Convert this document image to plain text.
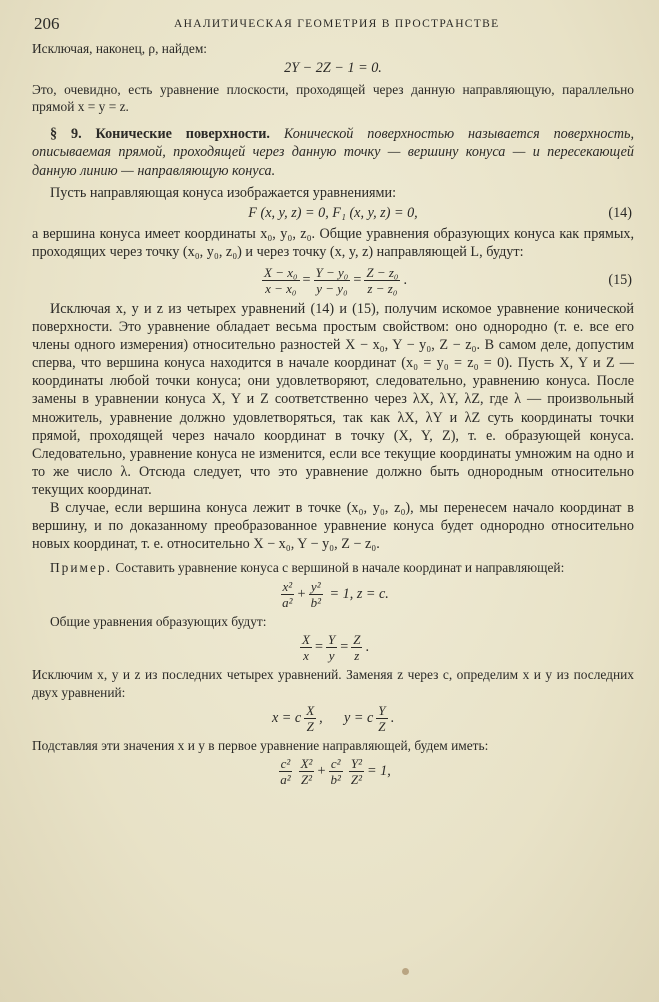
206	АНАЛИТИЧЕСКАЯ ГЕОМЕТРИЯ В ПРОСТРАНСТВЕ

Исключая, наконец, ρ, найдем:

2Y − 2Z − 1 = 0.

Это, очевидно, есть уравнение плоскости, проходящей через данную направляющую, параллельно прямой x = y = z.

§ 9. Конические поверхности. Конической поверхностью называется поверхность, описываемая прямой, проходящей через данную точку — вершину конуса — и пересекающей данную линию — направляющую конуса.

Пусть направляющая конуса изображается уравнениями:

F (x, y, z) = 0, F₁ (x, y, z) = 0,	(14)

а вершина конуса имеет координаты x₀, y₀, z₀. Общие уравнения образующих конуса как прямых, проходящих через точку (x₀, y₀, z₀) и через точку (x, y, z) направляющей L, будут:

$\frac{\text{X − x₀}}{\text{x − x₀}} = \frac{\text{Y − y₀}}{\text{y − y₀}} = \frac{\text{Z − z₀}}{\text{z − z₀}}$ .	(15)

Исключая x, y и z из четырех уравнений (14) и (15), получим искомое уравнение конической поверхности. Это уравнение обладает весьма простым свойством: оно однородно (т. е. все его члены одного измерения) относительно разностей X − x₀, Y − y₀, Z − z₀. В самом деле, допустим сперва, что вершина конуса находится в начале координат (x₀ = y₀ = z₀ = 0). Пусть X, Y и Z — координаты любой точки конуса; они удовлетворяют, следовательно, уравнению конуса. После замены в уравнении конуса X, Y и Z соответственно через λX, λY, λZ, где λ — произвольный множитель, уравнение должно удовлетворяться, так как λX, λY и λZ суть координаты точки прямой, проходящей через начало координат в точку (X, Y, Z), т. е. образующей конуса. Следовательно, уравнение конуса не изменится, если все текущие координаты умножим на одно и то же число λ. Отсюда следует, что это уравнение должно быть однородным относительно текущих координат.

В случае, если вершина конуса лежит в точке (x₀, y₀, z₀), мы перенесем начало координат в вершину, и по доказанному преобразованное уравнение конуса будет однородно относительно новых координат, т. е. относительно X − x₀, Y − y₀, Z − z₀.

Пример. Составить уравнение конуса с вершиной в начале координат и направляющей:

$\frac{\text{x²}}{\text{a²}} + \frac{\text{y²}}{\text{b²}} = 1$, z = c.

Общие уравнения образующих будут:

$\frac{X}{x} = \frac{Y}{y} = \frac{Z}{z}$ .

Исключим x, y и z из последних четырех уравнений. Заменяя z через c, определим x и y из последних двух уравнений:

x = c $\frac{X}{Z}$ ,      y = c $\frac{Y}{Z}$ .

Подставляя эти значения x и y в первое уравнение направляющей, будем иметь:

$\frac{\text{c²}}{\text{a²}} \frac{\text{X²}}{\text{Z²}} + \frac{\text{c²}}{\text{b²}} \frac{\text{Y²}}{\text{Z²}} = 1$,
